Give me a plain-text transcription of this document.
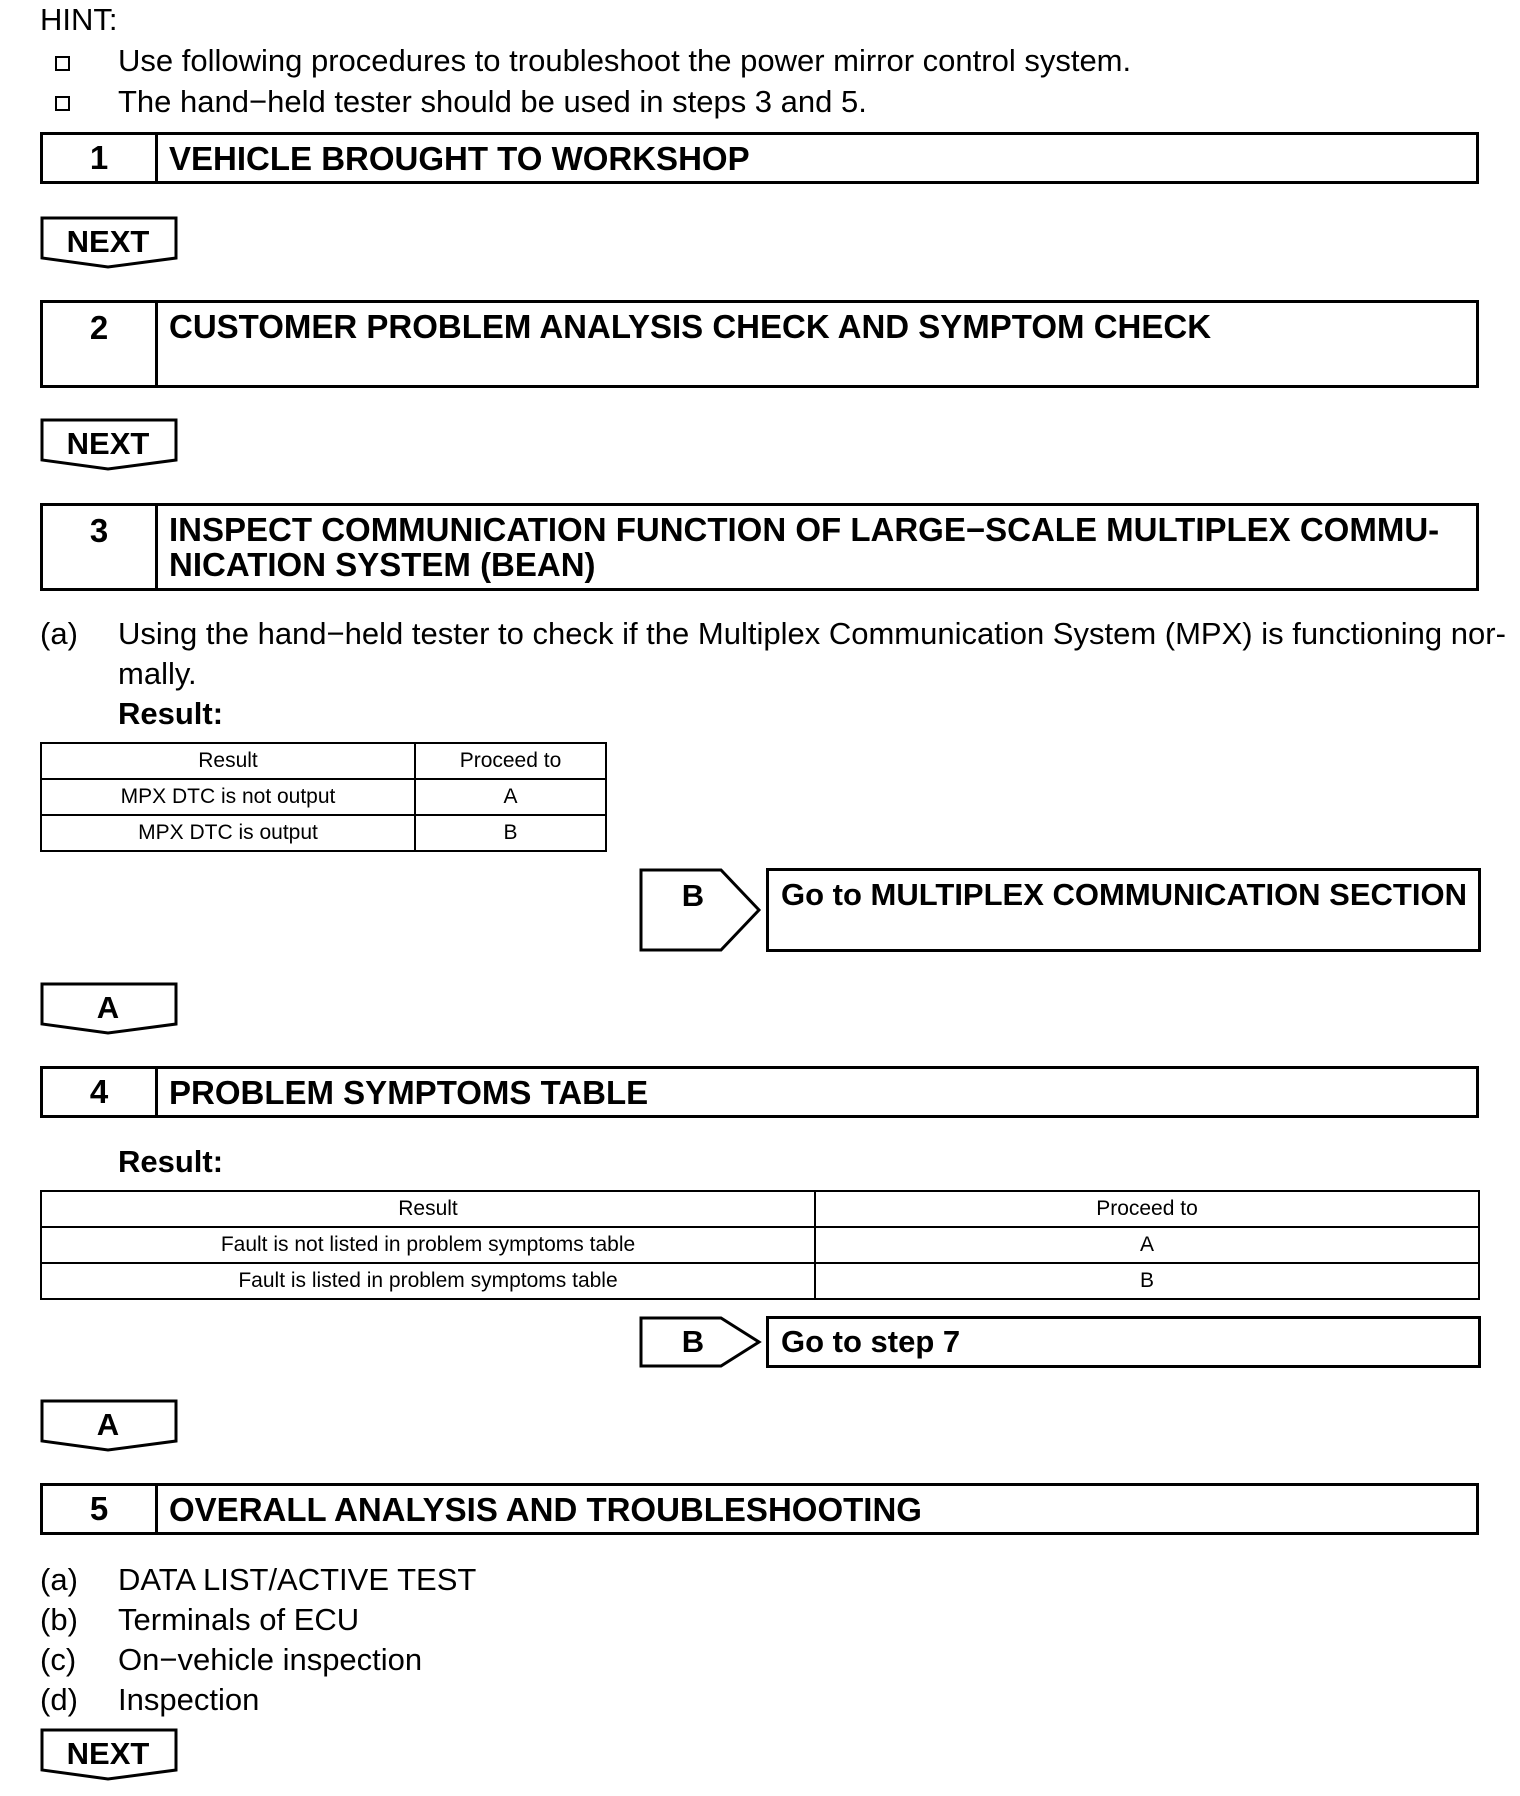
HINT:
Use following procedures to troubleshoot the power mirror control system.
The hand−held tester should be used in steps 3 and 5.
1	VEHICLE BROUGHT TO WORKSHOP
NEXT
2	CUSTOMER PROBLEM ANALYSIS CHECK AND SYMPTOM CHECK
NEXT
3	INSPECT COMMUNICATION FUNCTION OF LARGE−SCALE MULTIPLEX COMMU-
NICATION SYSTEM (BEAN)
(a) Using the hand−held tester to check if the Multiplex Communication System (MPX) is functioning nor-
mally.
Result:
Result	Proceed to
MPX DTC is not output	A
MPX DTC is output	B
B	Go to MULTIPLEX COMMUNICATION SECTION
A
4	PROBLEM SYMPTOMS TABLE
Result:
Result	Proceed to
Fault is not listed in problem symptoms table	A
Fault is listed in problem symptoms table	B
B	Go to step 7
A
5	OVERALL ANALYSIS AND TROUBLESHOOTING
(a) DATA LIST/ACTIVE TEST
(b) Terminals of ECU
(c) On−vehicle inspection
(d) Inspection
NEXT
